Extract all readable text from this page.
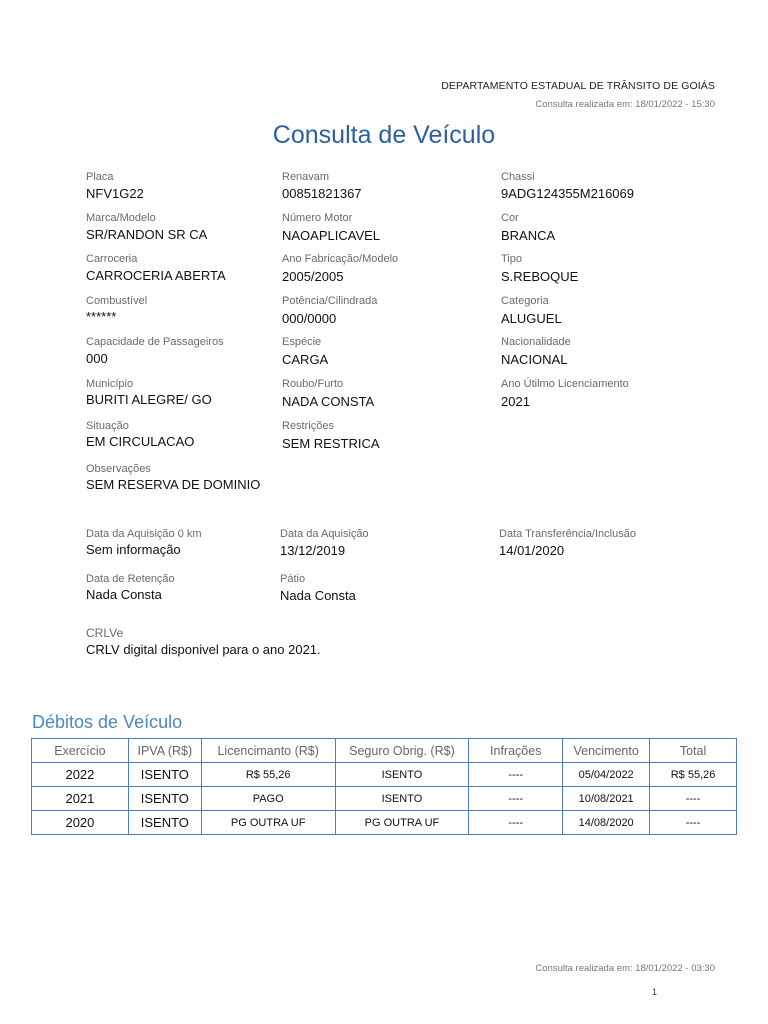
DEPARTAMENTO ESTADUAL DE TRÂNSITO DE GOIÁS
Consulta realizada em: 18/01/2022 - 15:30
Consulta de Veículo
Placa
NFV1G22
Renavam
00851821367
Chassi
9ADG124355M216069
Marca/Modelo
SR/RANDON SR CA
Número Motor
NAOAPLICAVEL
Cor
BRANCA
Carroceria
CARROCERIA ABERTA
Ano Fabricação/Modelo
2005/2005
Tipo
S.REBOQUE
Combustível
******
Potência/Cilindrada
000/0000
Categoria
ALUGUEL
Capacidade de Passageiros
000
Espécie
CARGA
Nacionalidade
NACIONAL
Município
BURITI ALEGRE/ GO
Roubo/Furto
NADA CONSTA
Ano Útilmo Licenciamento
2021
Situação
EM CIRCULACAO
Restrições
SEM RESTRICA
Observações
SEM RESERVA DE DOMINIO
Data da Aquisição 0 km
Sem informação
Data da Aquisição
13/12/2019
Data Transferência/Inclusão
14/01/2020
Data de Retenção
Nada Consta
Pátio
Nada Consta
CRLVe
CRLV digital disponivel para o ano 2021.
Débitos de Veículo
Exercício	IPVA (R$)	Licencimanto (R$)	Seguro Obrig. (R$)	Infrações	Vencimento	Total
2022	ISENTO	R$ 55,26	ISENTO	----	05/04/2022	R$ 55,26
2021	ISENTO	PAGO	ISENTO	----	10/08/2021	----
2020	ISENTO	PG OUTRA UF	PG OUTRA UF	----	14/08/2020	----
Consulta realizada em: 18/01/2022 - 03:30
1
